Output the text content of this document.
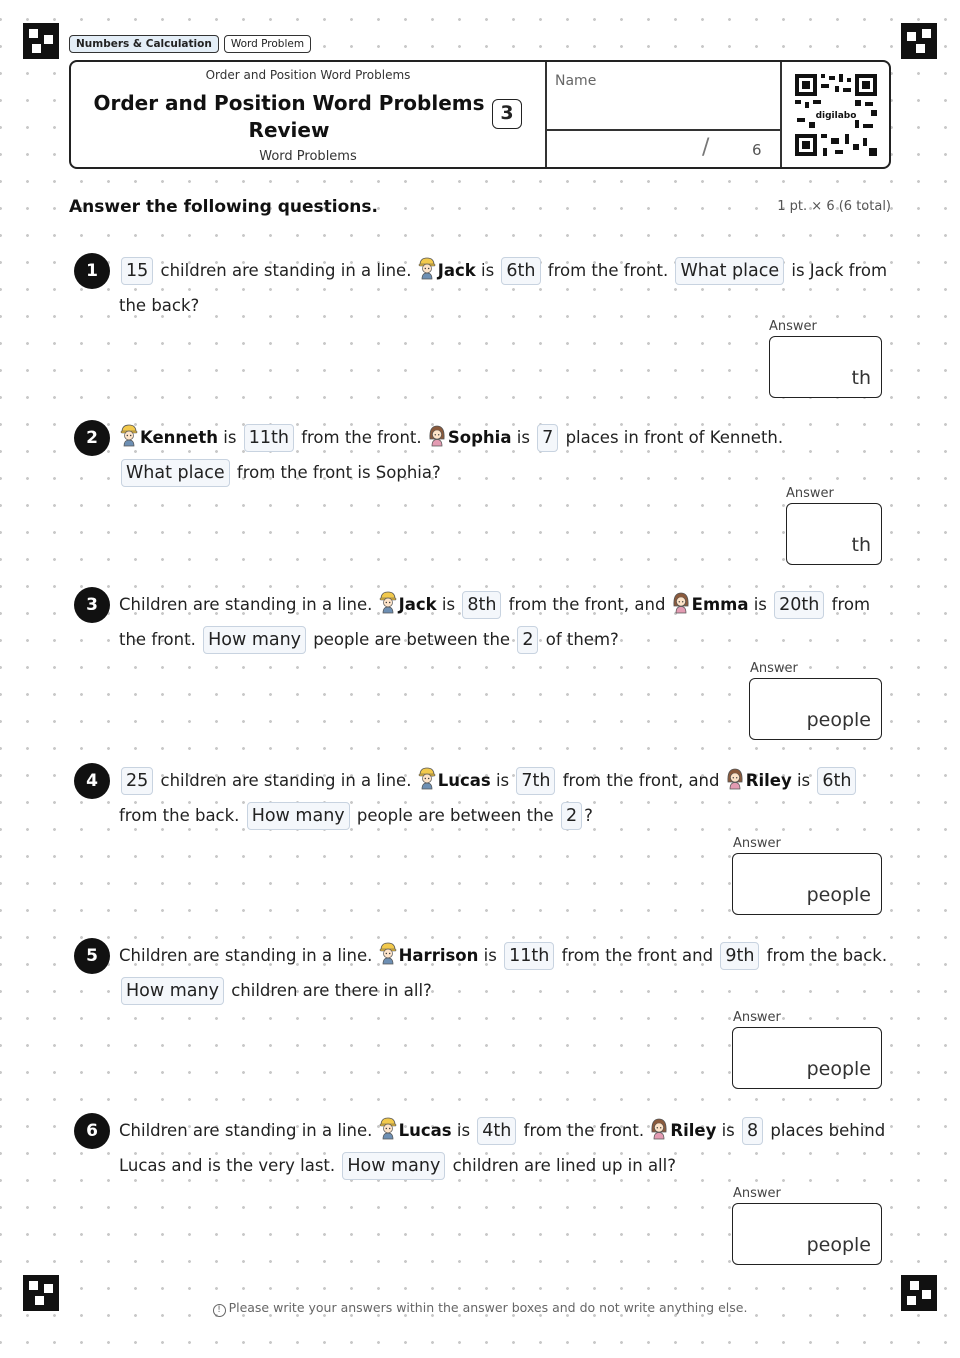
Numbers & Calculation	Word Problem
Order and Position Word Problems
Order and Position Word Problems
Review
Word Problems
3
Name
/	6
digilabo
Answer the following questions.	1 pt. × 6 (6 total)
1	15 children are standing in a line. Jack is 6th from the front. What place is Jack from the back?
Answer
th
2	Kenneth is 11th from the front. Sophia is 7 places in front of Kenneth. What place from the front is Sophia?
Answer
th
3	Children are standing in a line. Jack is 8th from the front, and Emma is 20th from the front. How many people are between the 2 of them?
Answer
people
4	25 children are standing in a line. Lucas is 7th from the front, and Riley is 6th from the back. How many people are between the 2 ?
Answer
people
5	Children are standing in a line. Harrison is 11th from the front and 9th from the back. How many children are there in all?
Answer
people
6	Children are standing in a line. Lucas is 4th from the front. Riley is 8 places behind Lucas and is the very last. How many children are lined up in all?
Answer
people
! Please write your answers within the answer boxes and do not write anything else.
